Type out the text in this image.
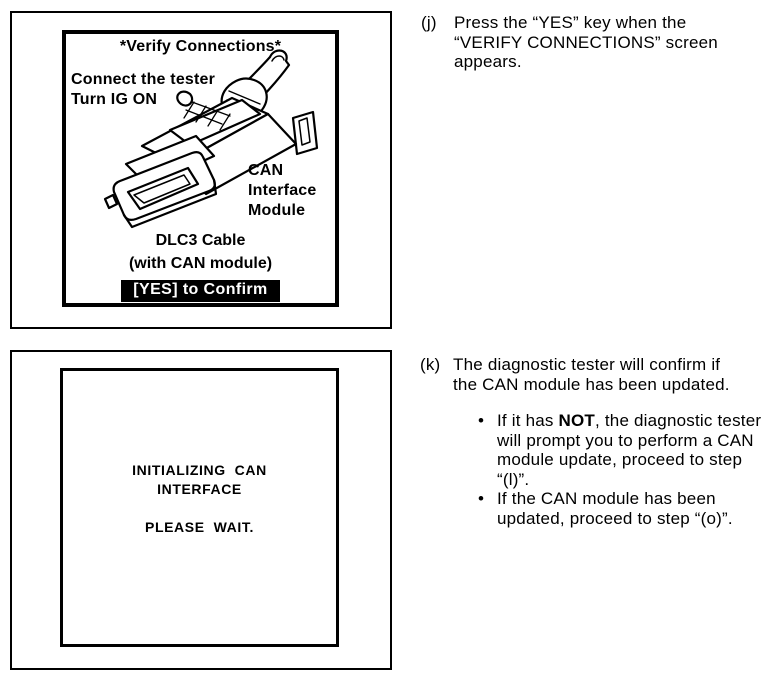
*Verify Connections*
Connect the tester
Turn IG ON
CAN
Interface
Module
DLC3 Cable
(with CAN module)
[YES] to Confirm
INITIALIZING  CAN
INTERFACE
PLEASE  WAIT.
(j)	Press the “YES” key when the
“VERIFY CONNECTIONS” screen
appears.
(k) The diagnostic tester will confirm if
the CAN module has been updated.
• If it has NOT, the diagnostic tester
will prompt you to perform a CAN
module update, proceed to step
“(l)”.
• If the CAN module has been
updated, proceed to step “(o)”.
